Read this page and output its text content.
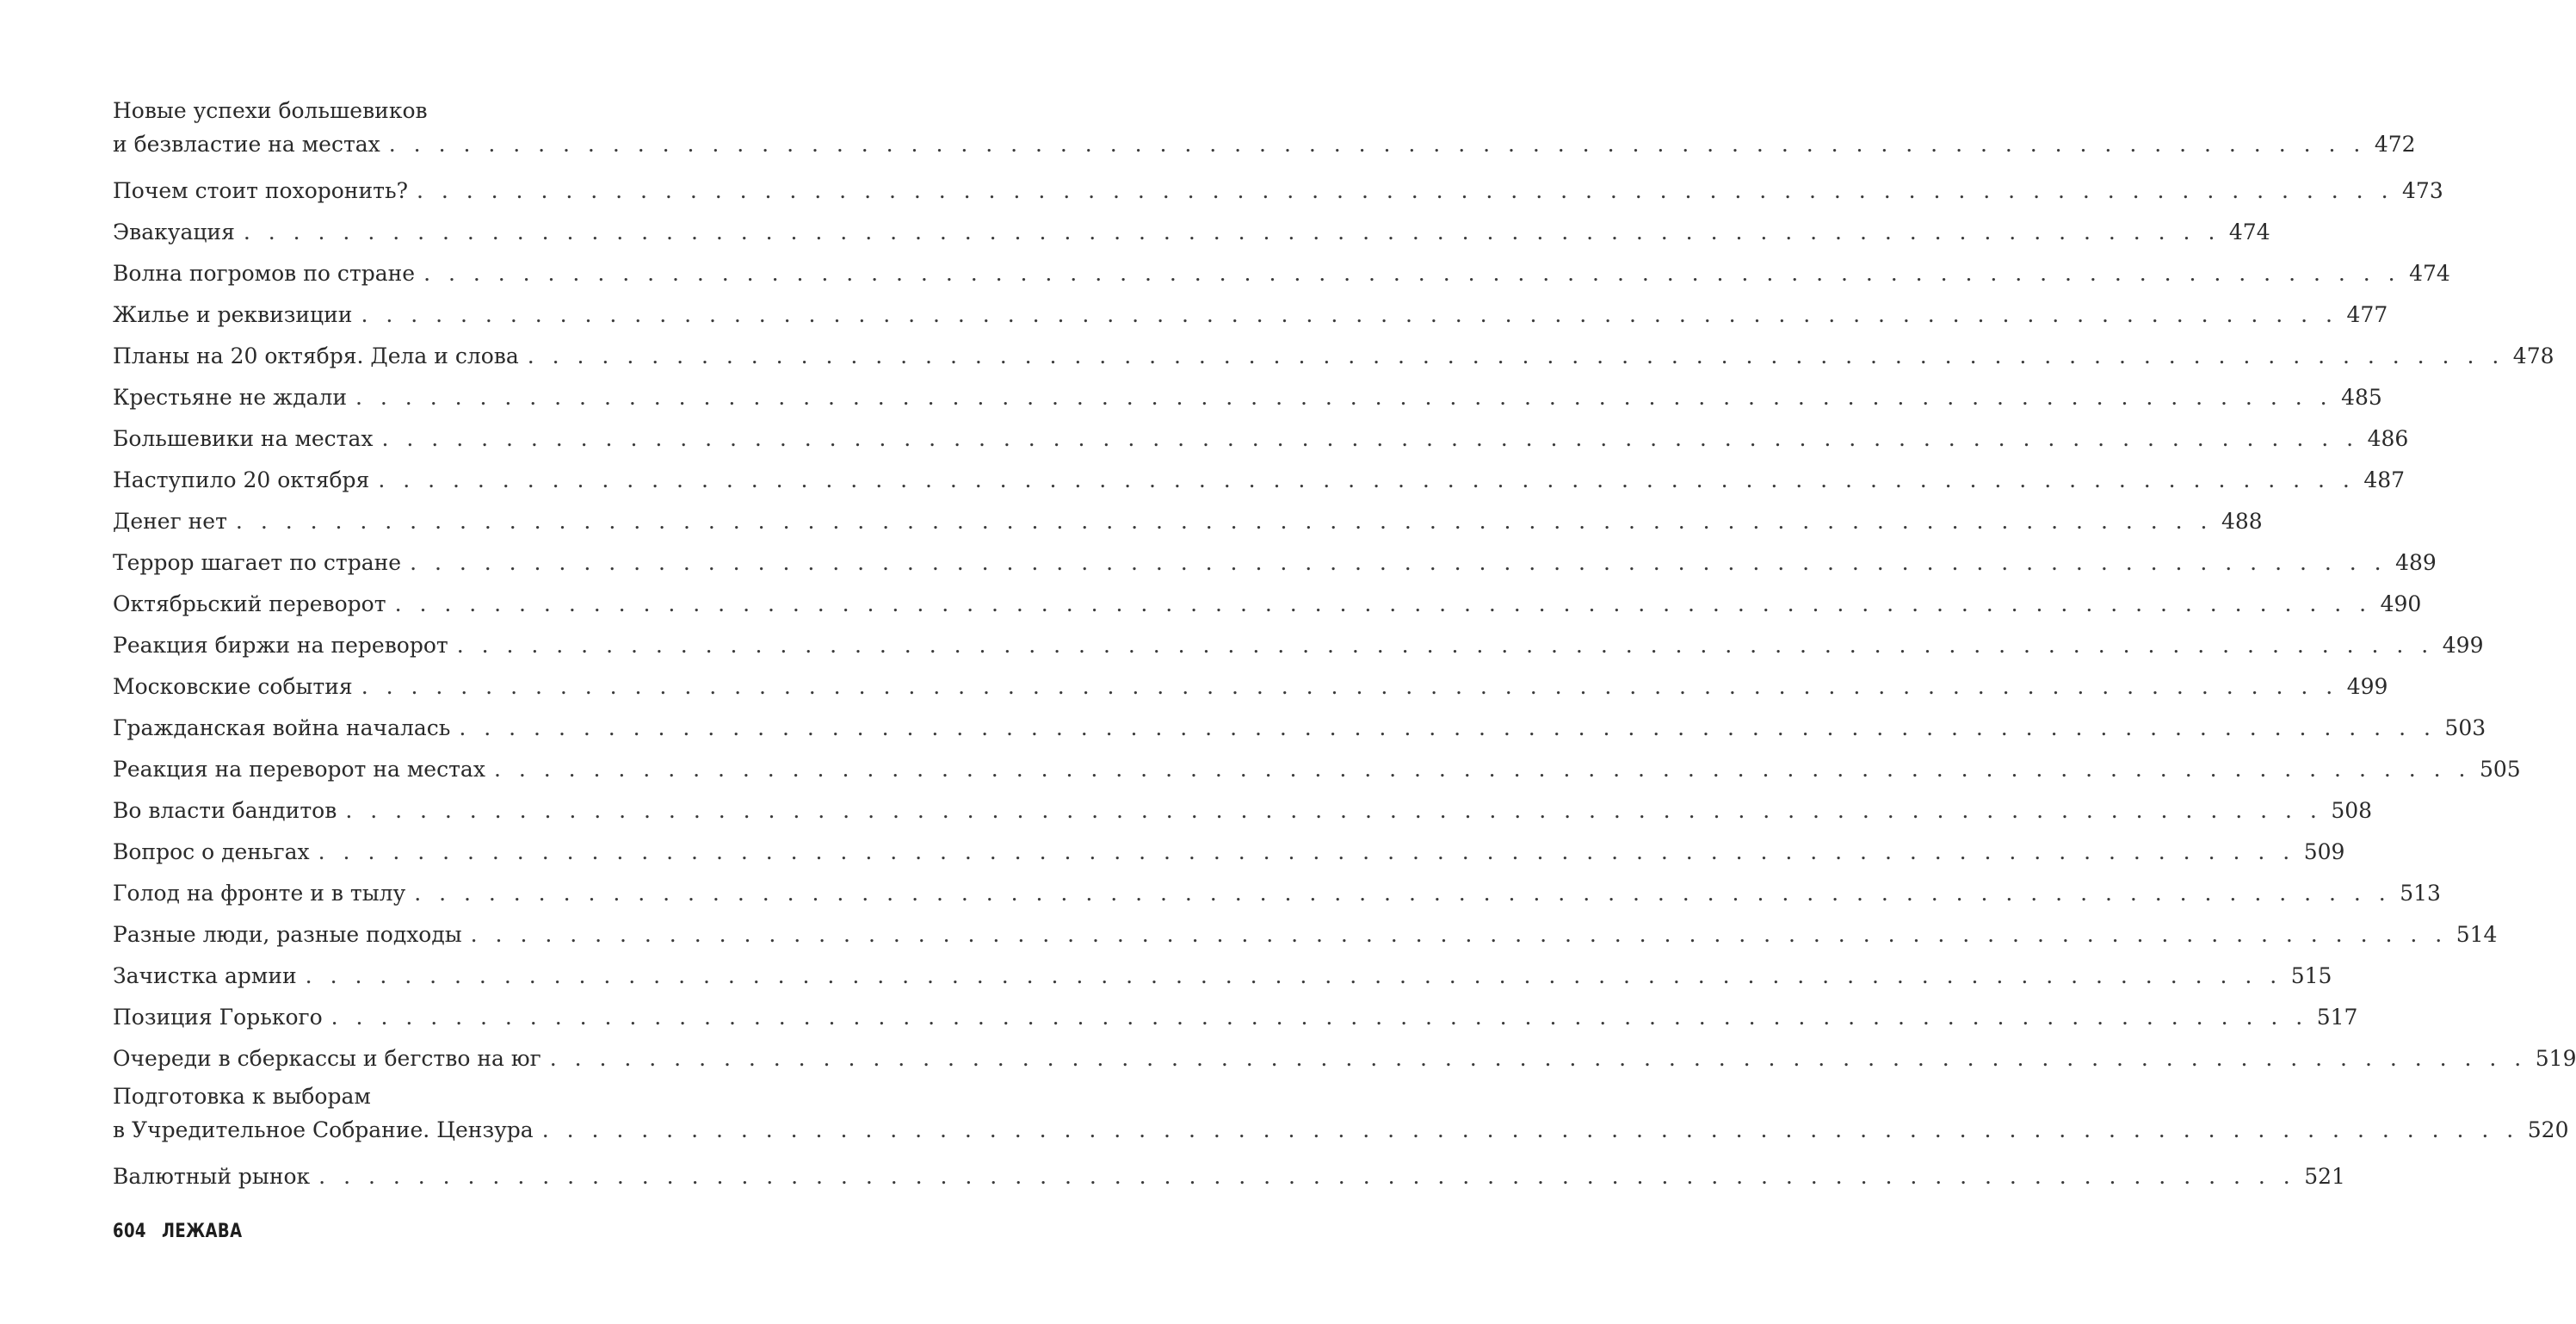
Новые успехи большевиков
и безвластие на местах . . . . . . . . . . . . . . . . . . . . . . . . . . . . . . . . . . . . . . . . . . . . . . . . . . . . . . . . . . . . . . . . . . . . . . . . . . . . . . . . 472
Почем стоит похоронить? . . . . . . . . . . . . . . . . . . . . . . . . . . . . . . . . . . . . . . . . . . . . . . . . . . . . . . . . . . . . . . . . . . . . . . . . . . . . . . . . 473
Эвакуация . . . . . . . . . . . . . . . . . . . . . . . . . . . . . . . . . . . . . . . . . . . . . . . . . . . . . . . . . . . . . . . . . . . . . . . . . . . . . . . . 474
Волна погромов по стране . . . . . . . . . . . . . . . . . . . . . . . . . . . . . . . . . . . . . . . . . . . . . . . . . . . . . . . . . . . . . . . . . . . . . . . . . . . . . . . . 474
Жилье и реквизиции . . . . . . . . . . . . . . . . . . . . . . . . . . . . . . . . . . . . . . . . . . . . . . . . . . . . . . . . . . . . . . . . . . . . . . . . . . . . . . . . 477
Планы на 20 октября. Дела и слова . . . . . . . . . . . . . . . . . . . . . . . . . . . . . . . . . . . . . . . . . . . . . . . . . . . . . . . . . . . . . . . . . . . . . . . . . . . . . . . . 478
Крестьяне не ждали . . . . . . . . . . . . . . . . . . . . . . . . . . . . . . . . . . . . . . . . . . . . . . . . . . . . . . . . . . . . . . . . . . . . . . . . . . . . . . . . 485
Большевики на местах . . . . . . . . . . . . . . . . . . . . . . . . . . . . . . . . . . . . . . . . . . . . . . . . . . . . . . . . . . . . . . . . . . . . . . . . . . . . . . . . 486
Наступило 20 октября . . . . . . . . . . . . . . . . . . . . . . . . . . . . . . . . . . . . . . . . . . . . . . . . . . . . . . . . . . . . . . . . . . . . . . . . . . . . . . . . 487
Денег нет . . . . . . . . . . . . . . . . . . . . . . . . . . . . . . . . . . . . . . . . . . . . . . . . . . . . . . . . . . . . . . . . . . . . . . . . . . . . . . . . 488
Террор шагает по стране . . . . . . . . . . . . . . . . . . . . . . . . . . . . . . . . . . . . . . . . . . . . . . . . . . . . . . . . . . . . . . . . . . . . . . . . . . . . . . . . 489
Октябрьский переворот . . . . . . . . . . . . . . . . . . . . . . . . . . . . . . . . . . . . . . . . . . . . . . . . . . . . . . . . . . . . . . . . . . . . . . . . . . . . . . . . 490
Реакция биржи на переворот . . . . . . . . . . . . . . . . . . . . . . . . . . . . . . . . . . . . . . . . . . . . . . . . . . . . . . . . . . . . . . . . . . . . . . . . . . . . . . . . 499
Московские события . . . . . . . . . . . . . . . . . . . . . . . . . . . . . . . . . . . . . . . . . . . . . . . . . . . . . . . . . . . . . . . . . . . . . . . . . . . . . . . . 499
Гражданская война началась . . . . . . . . . . . . . . . . . . . . . . . . . . . . . . . . . . . . . . . . . . . . . . . . . . . . . . . . . . . . . . . . . . . . . . . . . . . . . . . . 503
Реакция на переворот на местах . . . . . . . . . . . . . . . . . . . . . . . . . . . . . . . . . . . . . . . . . . . . . . . . . . . . . . . . . . . . . . . . . . . . . . . . . . . . . . . . 505
Во власти бандитов . . . . . . . . . . . . . . . . . . . . . . . . . . . . . . . . . . . . . . . . . . . . . . . . . . . . . . . . . . . . . . . . . . . . . . . . . . . . . . . . 508
Вопрос о деньгах . . . . . . . . . . . . . . . . . . . . . . . . . . . . . . . . . . . . . . . . . . . . . . . . . . . . . . . . . . . . . . . . . . . . . . . . . . . . . . . . 509
Голод на фронте и в тылу . . . . . . . . . . . . . . . . . . . . . . . . . . . . . . . . . . . . . . . . . . . . . . . . . . . . . . . . . . . . . . . . . . . . . . . . . . . . . . . . 513
Разные люди, разные подходы . . . . . . . . . . . . . . . . . . . . . . . . . . . . . . . . . . . . . . . . . . . . . . . . . . . . . . . . . . . . . . . . . . . . . . . . . . . . . . . . 514
Зачистка армии . . . . . . . . . . . . . . . . . . . . . . . . . . . . . . . . . . . . . . . . . . . . . . . . . . . . . . . . . . . . . . . . . . . . . . . . . . . . . . . . 515
Позиция Горького . . . . . . . . . . . . . . . . . . . . . . . . . . . . . . . . . . . . . . . . . . . . . . . . . . . . . . . . . . . . . . . . . . . . . . . . . . . . . . . . 517
Очереди в сберкассы и бегство на юг . . . . . . . . . . . . . . . . . . . . . . . . . . . . . . . . . . . . . . . . . . . . . . . . . . . . . . . . . . . . . . . . . . . . . . . . . . . . . . . . 519
Подготовка к выборам
в Учредительное Собрание. Цензура . . . . . . . . . . . . . . . . . . . . . . . . . . . . . . . . . . . . . . . . . . . . . . . . . . . . . . . . . . . . . . . . . . . . . . . . . . . . . . . . 520
Валютный рынок . . . . . . . . . . . . . . . . . . . . . . . . . . . . . . . . . . . . . . . . . . . . . . . . . . . . . . . . . . . . . . . . . . . . . . . . . . . . . . . . 521
604 ЛЕЖАВА
